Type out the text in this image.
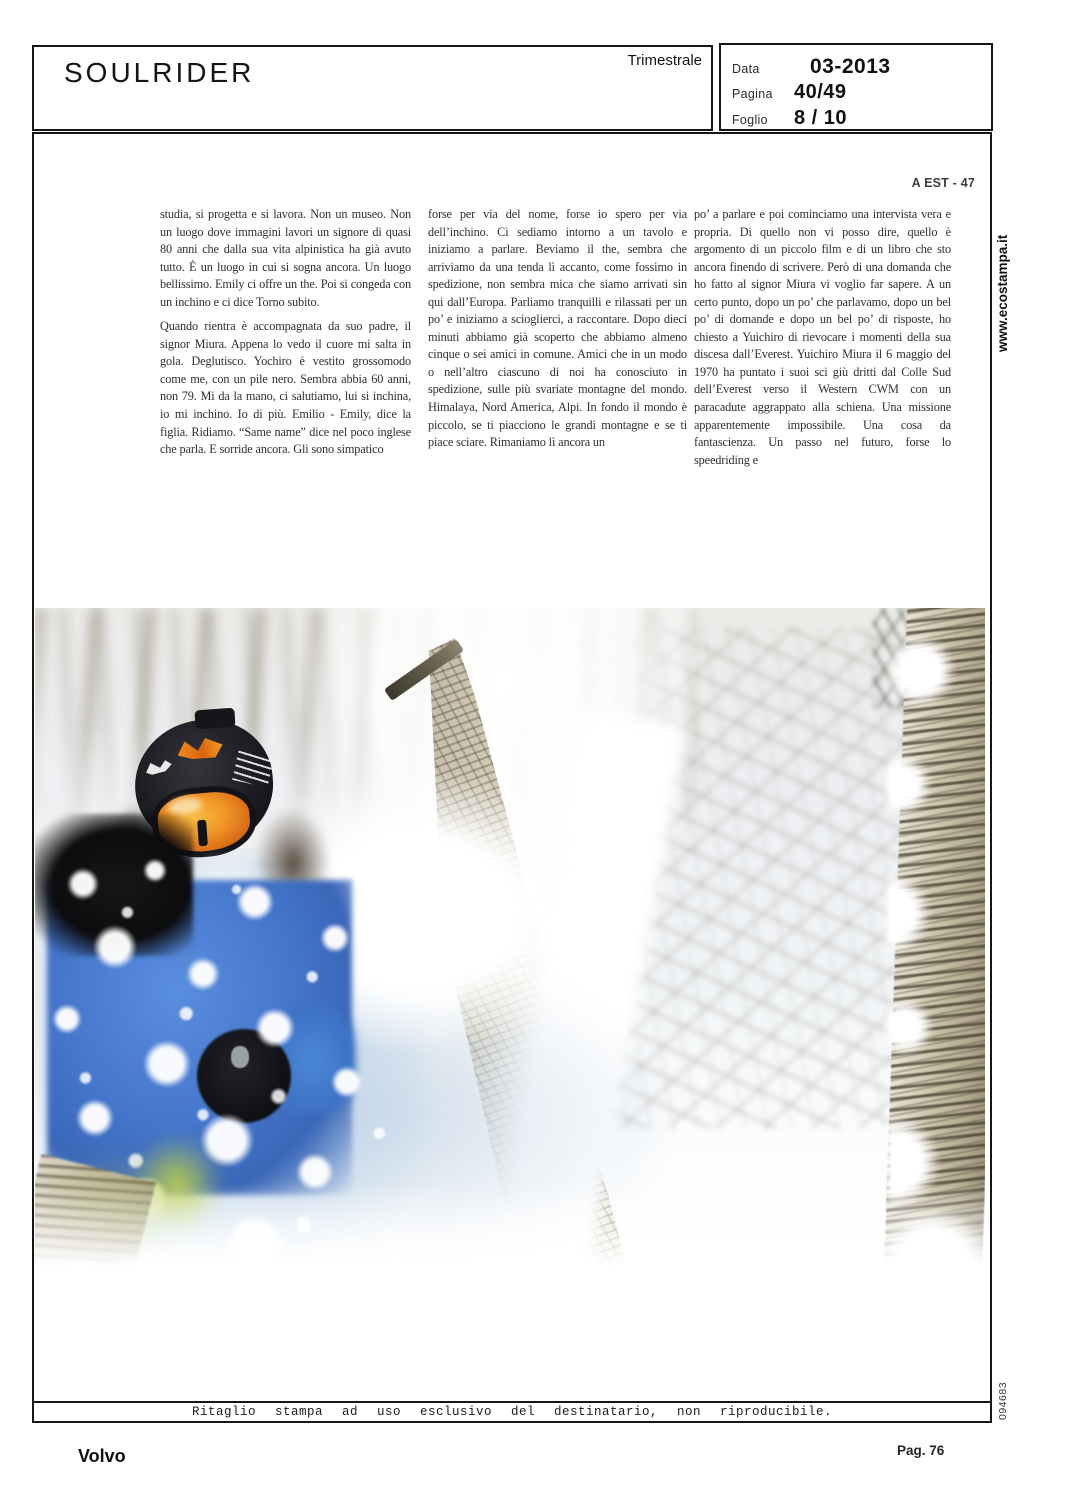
SOULRIDER	Trimestrale Data	03-2013
Pagina	40/49
Foglio	8 / 10
www.ecostampa.it
094683
A EST - 47

studia, si progetta e si lavora. Non un museo. Non un luogo dove immagini lavori un signore di quasi 80 anni che dalla sua vita alpinistica ha già avuto tutto. È un luogo in cui si sogna ancora. Un luogo bellissimo. Emily ci offre un the. Poi si congeda con un inchino e ci dice Torno subito.

Quando rientra è accompagnata da suo padre, il signor Miura. Appena lo vedo il cuore mi salta in gola. Deglutisco. Yochiro è vestito grossomodo come me, con un pile nero. Sembra abbia 60 anni, non 79. Mi da la mano, ci salutiamo, lui si inchina, io mi inchino. Io di più. Emilio - Emily, dice la figlia. Ridiamo. “Same name” dice nel poco inglese che parla. E sorride ancora. Gli sono simpatico

forse per via del nome, forse io spero per via dell’inchino. Ci sediamo intorno a un tavolo e iniziamo a parlare. Beviamo il the, sembra che arriviamo da una tenda lì accanto, come fossimo in spedizione, non sembra mica che siamo arrivati sin qui dall’Europa. Parliamo tranquilli e rilassati per un po’ e iniziamo a scioglierci, a raccontare. Dopo dieci minuti abbiamo già scoperto che abbiamo almeno cinque o sei amici in comune. Amici che in un modo o nell’altro ciascuno di noi ha conosciuto in spedizione, sulle più svariate montagne del mondo. Himalaya, Nord America, Alpi. In fondo il mondo è piccolo, se ti piacciono le grandi montagne e se ti piace sciare. Rimaniamo lì ancora un

po’ a parlare e poi cominciamo una intervista vera e propria. Di quello non vi posso dire, quello è argomento di un piccolo film e di un libro che sto ancora finendo di scrivere. Però di una domanda che ho fatto al signor Miura vi voglio far sapere. A un certo punto, dopo un po’ che parlavamo, dopo un bel po’ di domande e dopo un bel po’ di risposte, ho chiesto a Yuichiro di rievocare i momenti della sua discesa dall’Everest. Yuichiro Miura il 6 maggio del 1970 ha puntato i suoi sci giù dritti dal Colle Sud dell’Everest verso il Western CWM con un paracadute aggrappato alla schiena. Una missione apparentemente impossibile. Una cosa da fantascienza. Un passo nel futuro, forse lo speedriding e

Ritaglio stampa ad uso esclusivo del destinatario, non riproducibile.
Volvo	Pag. 76
